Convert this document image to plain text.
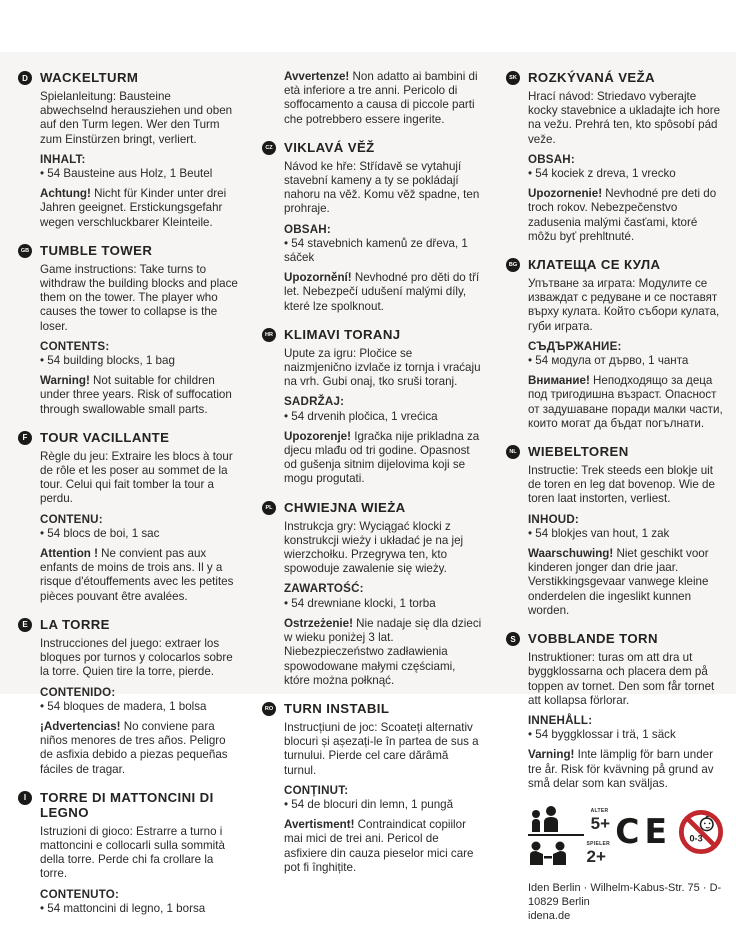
D WACKELTURM

Spielanleitung: Bausteine abwechselnd herausziehen und oben auf den Turm legen. Wer den Turm zum Einstürzen bringt, verliert.

INHALT:

• 54 Bausteine aus Holz, 1 Beutel

Achtung! Nicht für Kinder unter drei Jahren geeignet. Erstickungsgefahr wegen verschluckbarer Kleinteile.

GB TUMBLE TOWER

Game instructions: Take turns to withdraw the building blocks and place them on the tower. The player who causes the tower to collapse is the loser.

CONTENTS:

• 54 building blocks, 1 bag

Warning! Not suitable for children under three years. Risk of suffocation through swallowable small parts.

F TOUR VACILLANTE

Règle du jeu: Extraire les blocs à tour de rôle et les poser au sommet de la tour. Celui qui fait tomber la tour a perdu.

CONTENU:

• 54 blocs de boi, 1 sac

Attention ! Ne convient pas aux enfants de moins de trois ans. Il y a risque d'étouffements avec les petites pièces pouvant être avalées.

E LA TORRE

Instrucciones del juego: extraer los bloques por turnos y colocarlos sobre la torre. Quien tire la torre, pierde.

CONTENIDO:

• 54 bloques de madera, 1 bolsa

¡Advertencias! No conviene para niños menores de tres años. Peligro de asfixia debido a piezas pequeñas fáciles de tragar.

I	TORRE DI MATTONCINI DI LEGNO

Istruzioni di gioco: Estrarre a turno i mattoncini e collocarli sulla sommità della torre. Perde chi fa crollare la torre.

CONTENUTO:

• 54 mattoncini di legno, 1 borsa

Avvertenze! Non adatto ai bambini di età inferiore a tre anni. Pericolo di soffocamento a causa di piccole parti che potrebbero essere ingerite.

CZ VIKLAVÁ VĚŽ

Návod ke hře: Střídavě se vytahují stavební kameny a ty se pokládají nahoru na věž. Komu věž spadne, ten prohraje.

OBSAH:

• 54 stavebnich kamenů ze dřeva, 1 sáček

Upozornění! Nevhodné pro děti do tří let. Nebezpečí udušení malými díly, které lze spolknout.

HR KLIMAVI TORANJ

Upute za igru: Pločice se naizmjenično izvlače iz tornja i vraćaju na vrh. Gubi onaj, tko sruši toranj.

SADRŽAJ:

• 54 drvenih pločica, 1 vrećica

Upozorenje! Igračka nije prikladna za djecu mlađu od tri godine. Opasnost od gušenja sitnim dijelovima koji se mogu progutati.

PL CHWIEJNA WIEŻA

Instrukcja gry: Wyciągać klocki z konstrukcji wieży i układać je na jej wierzchołku. Przegrywa ten, kto spowoduje zawalenie się wieży.

ZAWARTOŚĆ:

• 54 drewniane klocki, 1 torba

Ostrzeżenie! Nie nadaje się dla dzieci w wieku poniżej 3 lat. Niebezpieczeństwo zadławienia spowodowane małymi częściami, które można połknąć.

RO TURN INSTABIL

Instrucțiuni de joc: Scoateți alternativ blocuri și așezați-le în partea de sus a turnului. Pierde cel care dărâmă turnul.

CONȚINUT:

• 54 de blocuri din lemn, 1 pungă

Avertisment! Contraindicat copiilor mai mici de trei ani. Pericol de asfixiere din cauza pieselor mici care pot fi înghițite.

SK ROZKÝVANÁ VEŽA

Hrací návod: Striedavo vyberajte kocky stavebnice a ukladajte ich hore na vežu. Prehrá ten, kto spôsobí pád veže.

OBSAH:

• 54 kociek z dreva, 1 vrecko

Upozornenie! Nevhodné pre deti do troch rokov. Nebezpečenstvo zadusenia malými časťami, ktoré môžu byť prehltnuté.

BG КЛАТЕЩА СЕ КУЛА

Упътване за играта: Модулите се изваждат с редуване и се поставят върху кулата. Който събори кулата, губи играта.

СЪДЪРЖАНИЕ:

• 54 модула от дърво, 1 чанта

Внимание! Неподходящо за деца под тригодишна възраст. Опасност от задушаване поради малки части, които могат да бъдат погълнати.

NL WIEBELTOREN

Instructie: Trek steeds een blokje uit de toren en leg dat bovenop. Wie de toren laat instorten, verliest.

INHOUD:

• 54 blokjes van hout, 1 zak

Waarschuwing! Niet geschikt voor kinderen jonger dan drie jaar. Verstikkingsgevaar vanwege kleine onderdelen die ingeslikt kunnen worden.

S VOBBLANDE TORN

Instruktioner: turas om att dra ut byggklossarna och placera dem på toppen av tornet. Den som får tornet att kollapsa förlorar.

INNEHÅLL:

• 54 byggklossar i trä, 1 säck

Varning! Inte lämplig för barn under tre år. Risk för kvävning på grund av små delar som kan sväljas.

ALTER
5+
SPIELER
2+
CE 0-3
Iden Berlin · Wilhelm-Kabus-Str. 75 · D-10829 Berlin
idena.de
